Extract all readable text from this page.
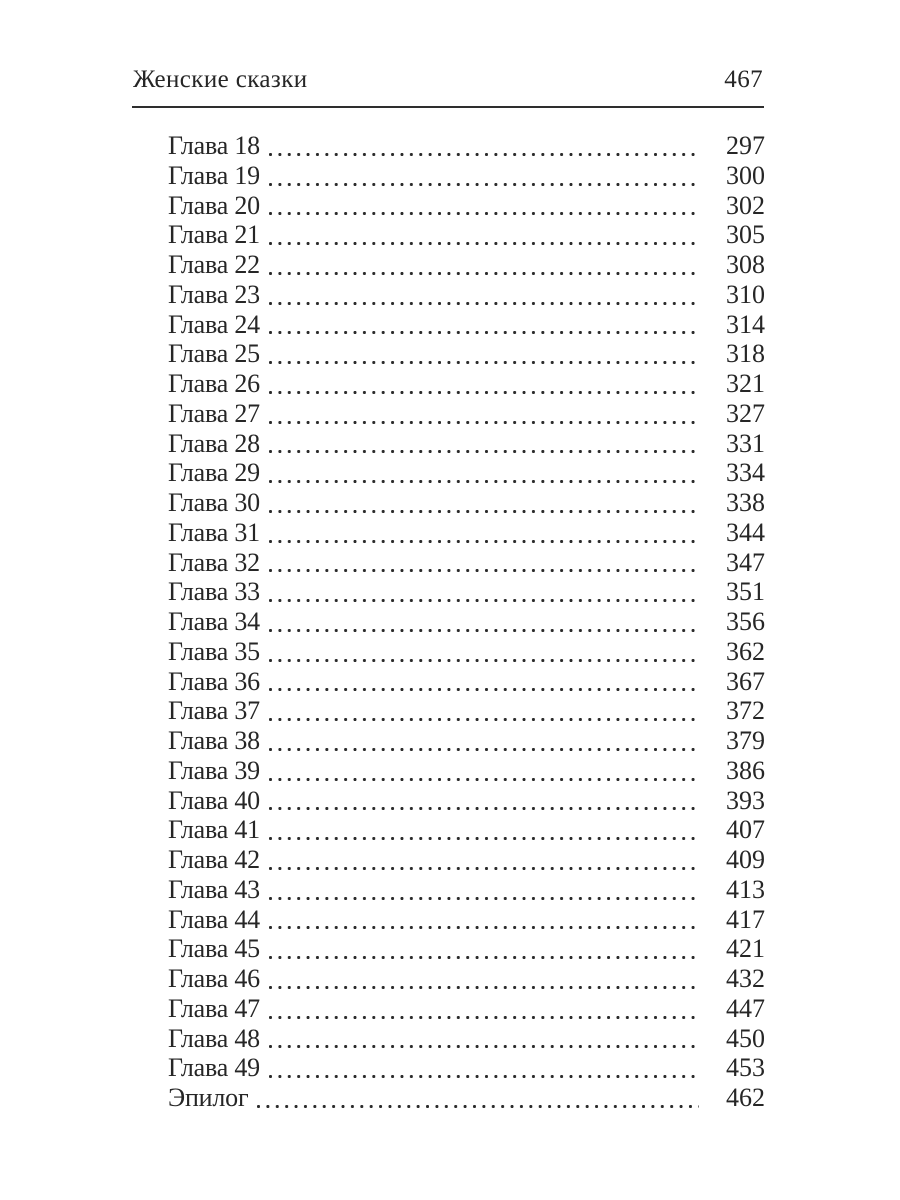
Женские сказки	467
Глава 18	297
Глава 19	300
Глава 20	302
Глава 21	305
Глава 22	308
Глава 23	310
Глава 24	314
Глава 25	318
Глава 26	321
Глава 27	327
Глава 28	331
Глава 29	334
Глава 30	338
Глава 31	344
Глава 32	347
Глава 33	351
Глава 34	356
Глава 35	362
Глава 36	367
Глава 37	372
Глава 38	379
Глава 39	386
Глава 40	393
Глава 41	407
Глава 42	409
Глава 43	413
Глава 44	417
Глава 45	421
Глава 46	432
Глава 47	447
Глава 48	450
Глава 49	453
Эпилог	462
